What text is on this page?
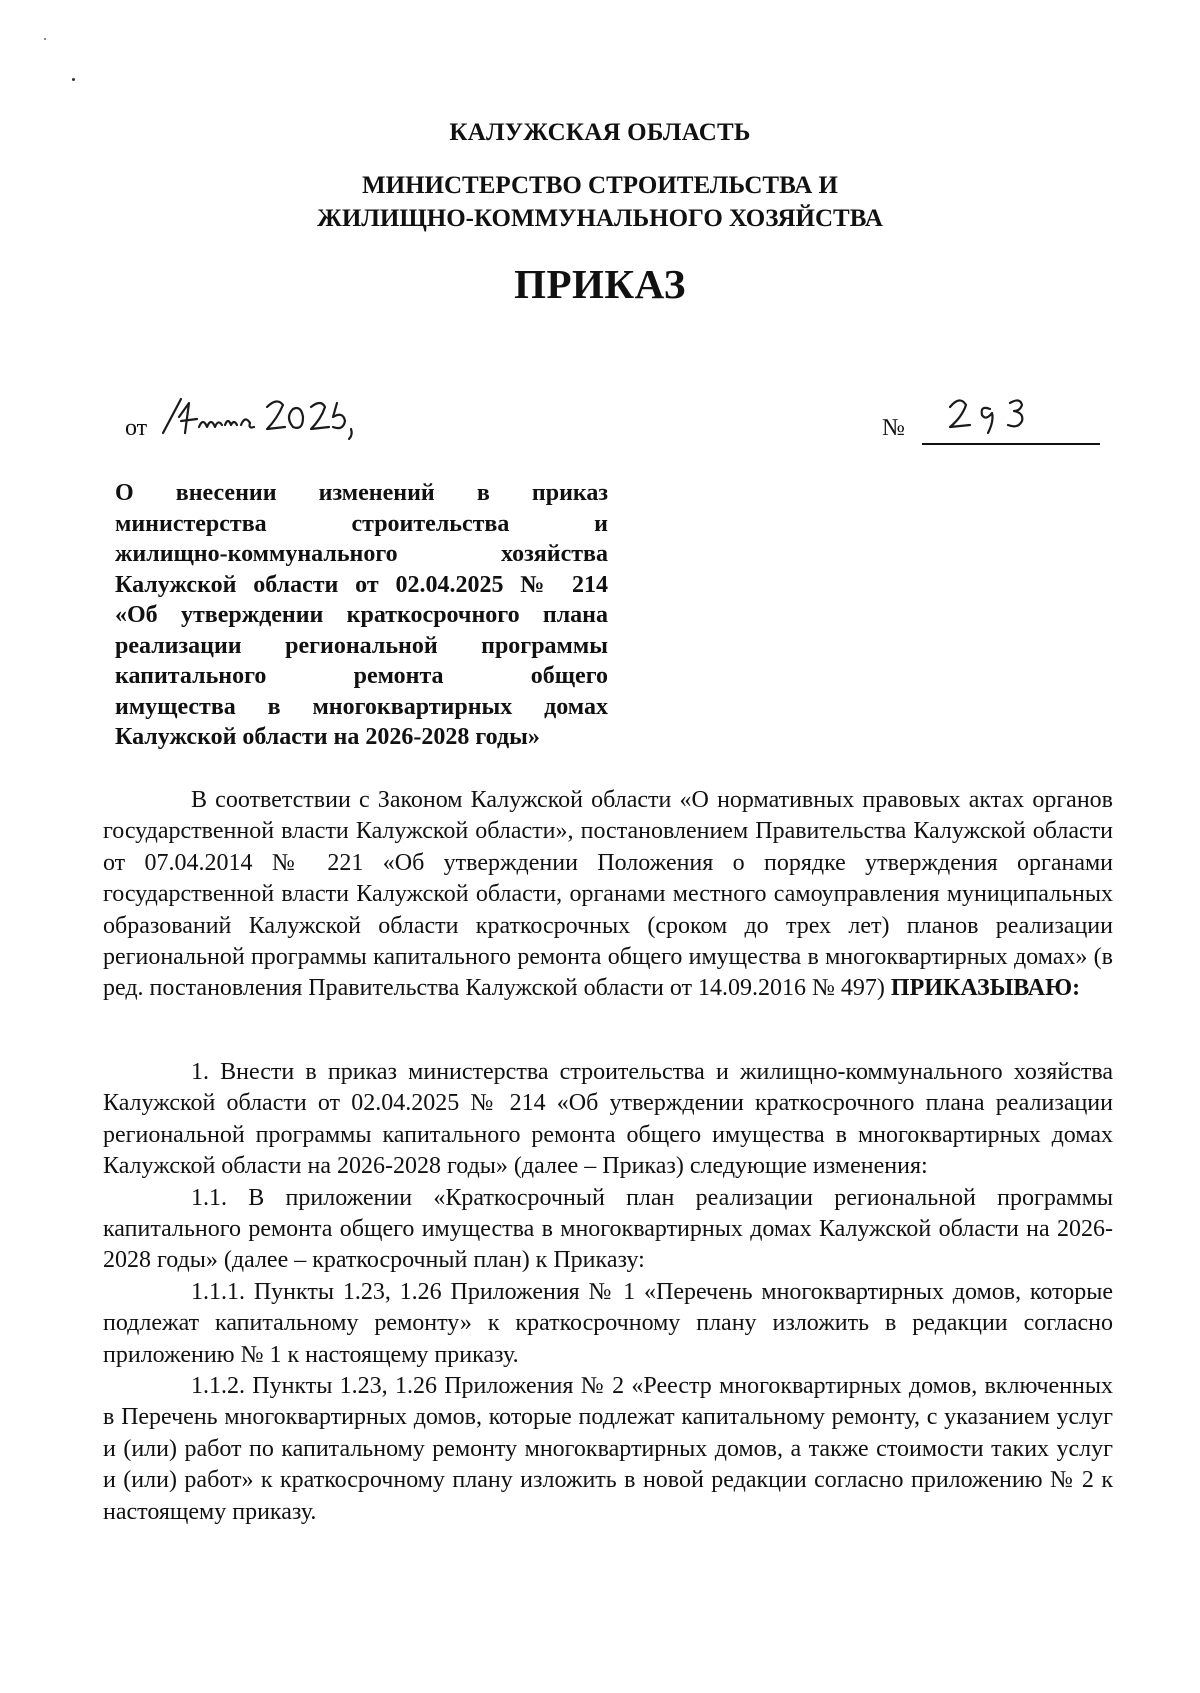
КАЛУЖСКАЯ ОБЛАСТЬ
МИНИСТЕРСТВО СТРОИТЕЛЬСТВА И
ЖИЛИЩНО-КОММУНАЛЬНОГО ХОЗЯЙСТВА
ПРИКАЗ
от	№
О внесении изменений в приказ
министерства строительства и
жилищно-коммунального хозяйства
Калужской области от 02.04.2025 № 214
«Об утверждении краткосрочного плана
реализации региональной программы
капитального ремонта общего
имущества в многоквартирных домах
Калужской области на 2026-2028 годы»

В соответствии с Законом Калужской области «О нормативных правовых актах органов государственной власти Калужской области», постановлением Правительства Калужской области от 07.04.2014 № 221 «Об утверждении Положения о порядке утверждения органами государственной власти Калужской области, органами местного самоуправления муниципальных образований Калужской области краткосрочных (сроком до трех лет) планов реализации региональной программы капитального ремонта общего имущества в многоквартирных домах» (в ред. постановления Правительства Калужской области от 14.09.2016 № 497) ПРИКАЗЫВАЮ:

1. Внести в приказ министерства строительства и жилищно-коммунального хозяйства Калужской области от 02.04.2025 № 214 «Об утверждении краткосрочного плана реализации региональной программы капитального ремонта общего имущества в многоквартирных домах Калужской области на 2026-2028 годы» (далее – Приказ) следующие изменения:

1.1. В приложении «Краткосрочный план реализации региональной программы капитального ремонта общего имущества в многоквартирных домах Калужской области на 2026-2028 годы» (далее – краткосрочный план) к Приказу:

1.1.1. Пункты 1.23, 1.26 Приложения № 1 «Перечень многоквартирных домов, которые подлежат капитальному ремонту» к краткосрочному плану изложить в редакции согласно приложению № 1 к настоящему приказу.

1.1.2. Пункты 1.23, 1.26 Приложения № 2 «Реестр многоквартирных домов, включенных в Перечень многоквартирных домов, которые подлежат капитальному ремонту, с указанием услуг и (или) работ по капитальному ремонту многоквартирных домов, а также стоимости таких услуг и (или) работ» к краткосрочному плану изложить в новой редакции согласно приложению № 2 к настоящему приказу.
